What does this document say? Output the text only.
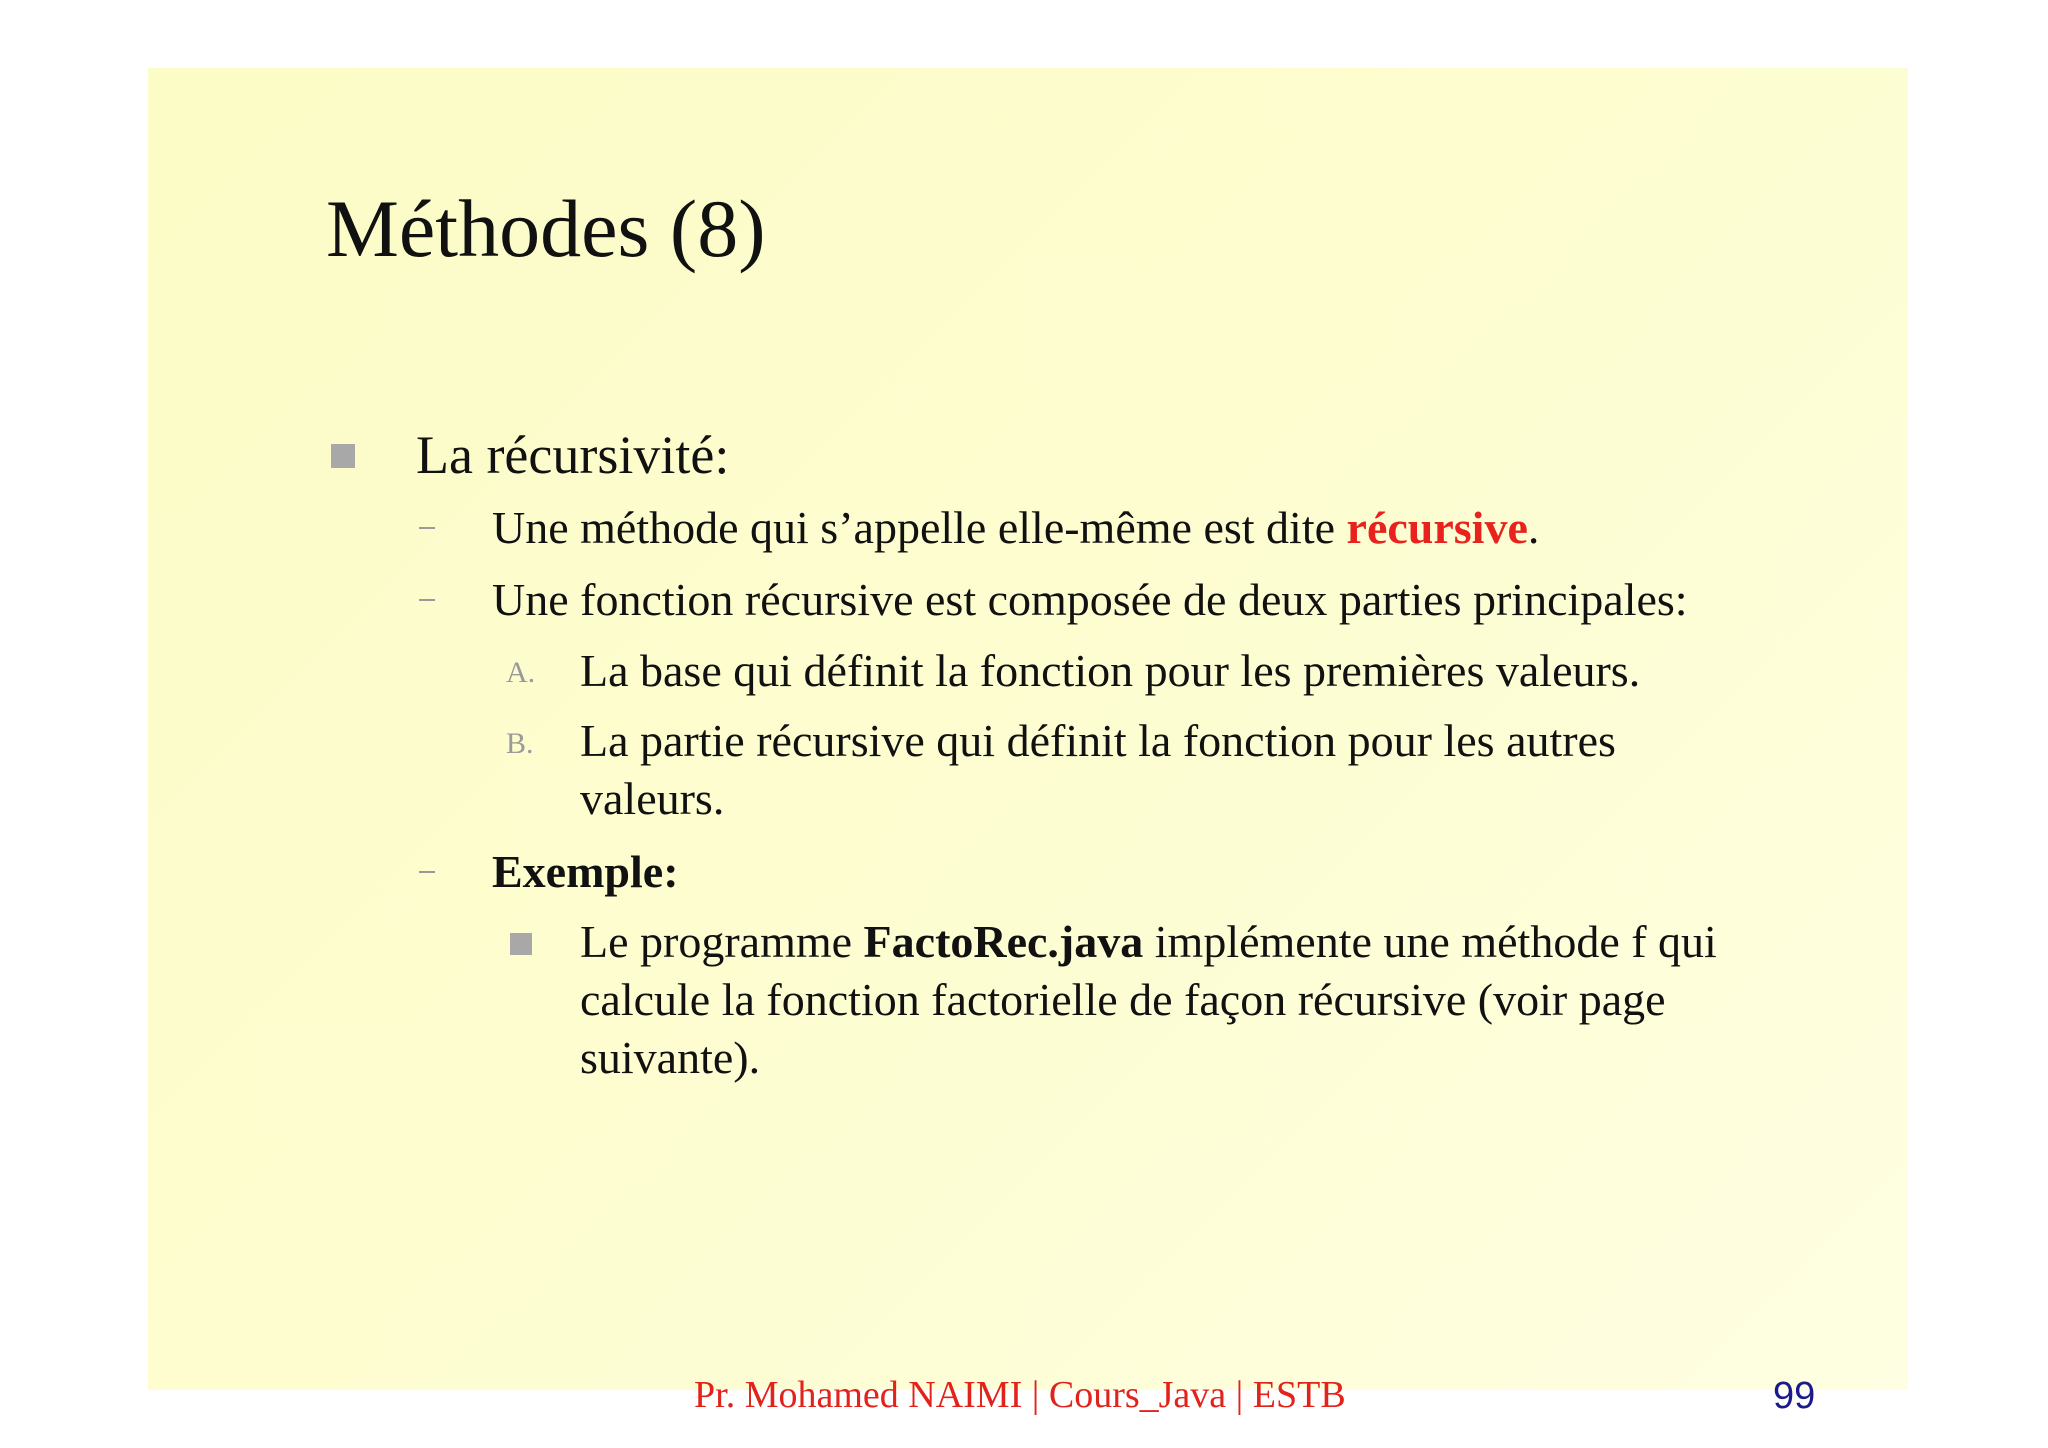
Méthodes (8)
La récursivité:
Une méthode qui s’appelle elle-même est dite récursive.
Une fonction récursive est composée de deux parties principales:
A. La base qui définit la fonction pour les premières valeurs.
B. La partie récursive qui définit la fonction pour les autres
valeurs.
Exemple:
Le programme FactoRec.java implémente une méthode f qui
calcule la fonction factorielle de façon récursive (voir page
suivante).
Pr. Mohamed NAIMI | Cours_Java | ESTB	99
